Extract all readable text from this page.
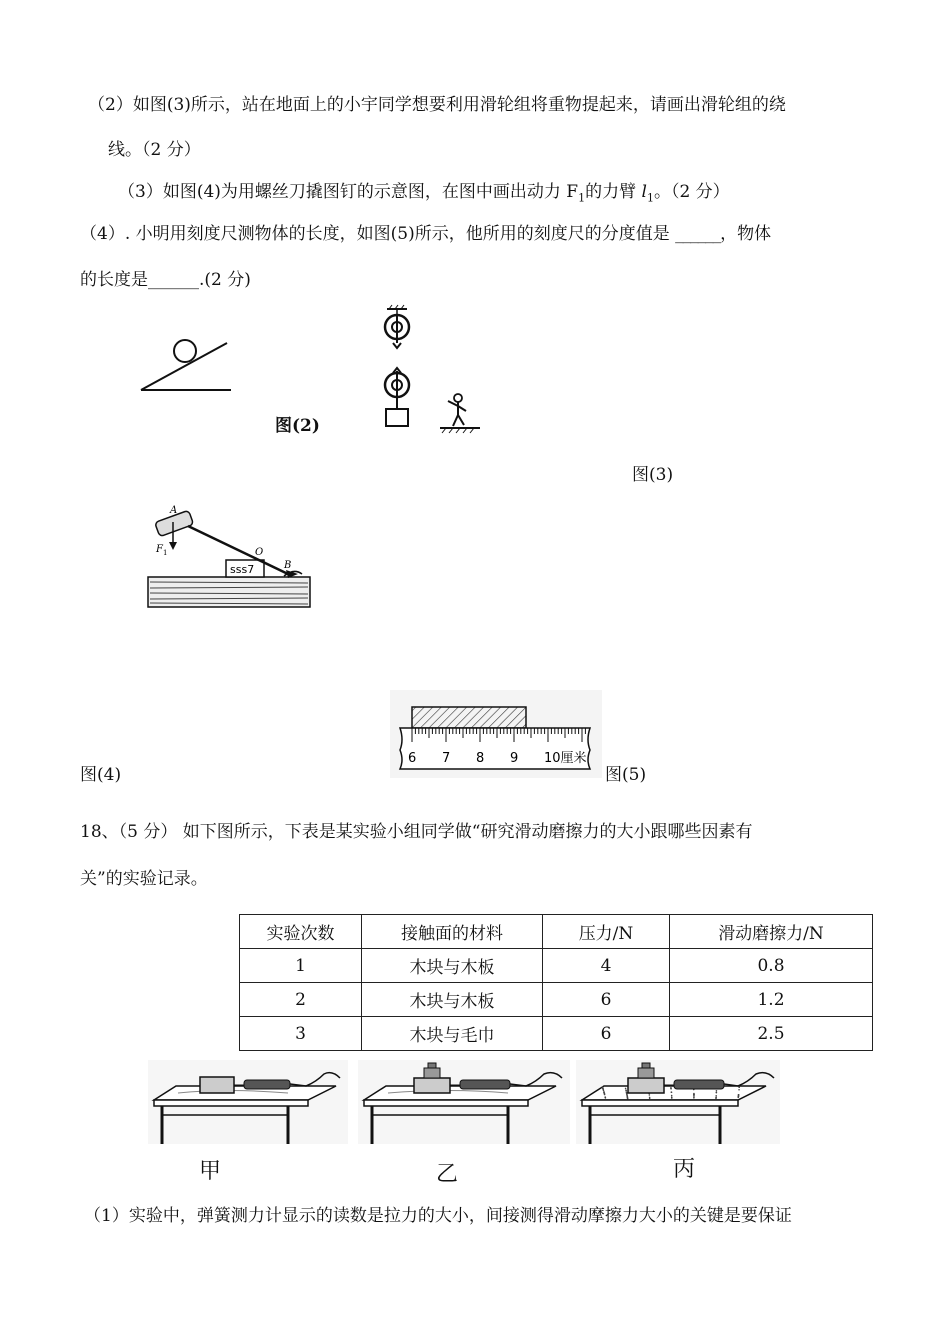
（2）如图(3)所示，站在地面上的小宇同学想要利用滑轮组将重物提起来，请画出滑轮组的绕
线。（2 分）
（3）如图(4)为用螺丝刀撬图钉的示意图，在图中画出动力 $F_1$的力臂 $l_1$。（2 分）
（4）. 小明用刻度尺测物体的长度，如图(5)所示，他所用的刻度尺的分度值是 ______，物体
的长度是______.(2 分)
图(2)
图(3)
sss7
A
F 1	O
B
图(4)
6 7 8 9 10厘米
图(5)
18、（5 分） 如下图所示，下表是某实验小组同学做“研究滑动磨擦力的大小跟哪些因素有
关”的实验记录。
实验次数	接触面的材料	压力/N	滑动磨擦力/N
1	木块与木板	4	0.8
2	木块与木板	6	1.2
3	木块与毛巾	6	2.5
甲	乙	丙
（1）实验中，弹簧测力计显示的读数是拉力的大小，间接测得滑动摩擦力大小的关键是要保证
